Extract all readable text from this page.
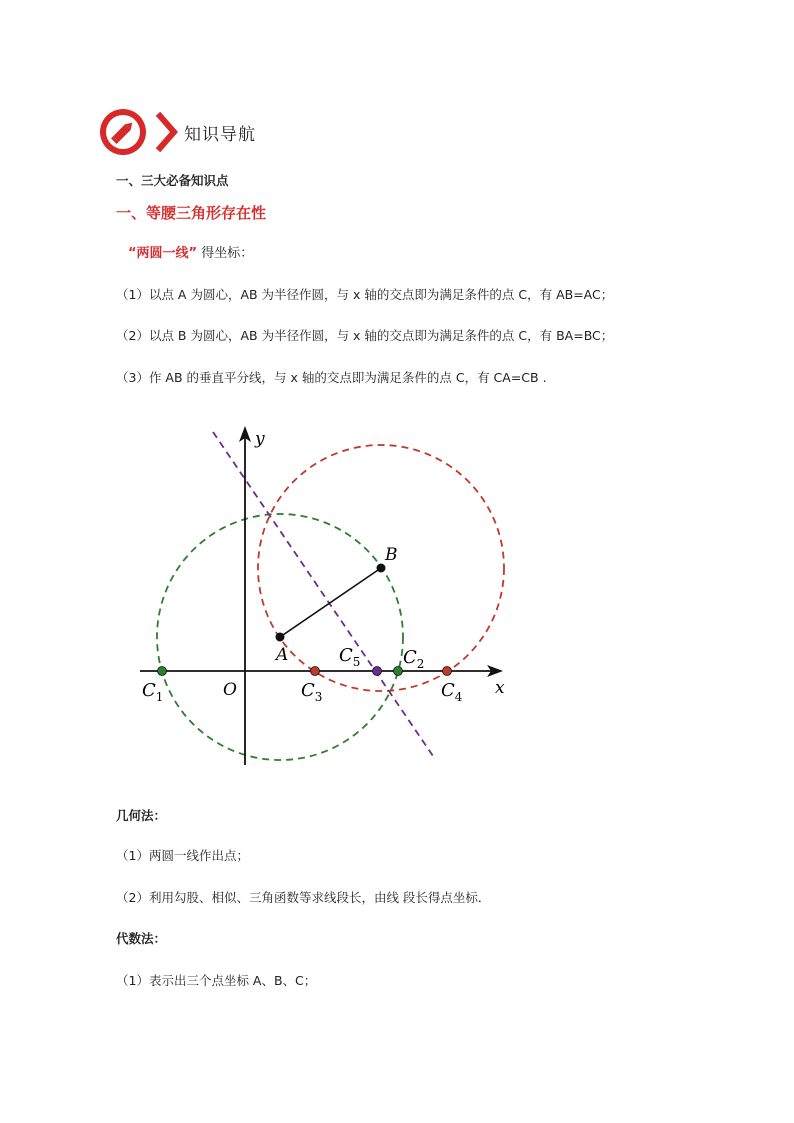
知识导航
一、三大必备知识点
一、等腰三角形存在性
“两圆一线” 得坐标：
（1）以点 A 为圆心，AB 为半径作圆，与 x 轴的交点即为满足条件的点 C，有 AB=AC；
（2）以点 B 为圆心，AB 为半径作圆，与 x 轴的交点即为满足条件的点 C，有 BA=BC；
（3）作 AB 的垂直平分线，与 x 轴的交点即为满足条件的点 C，有 CA=CB .
x
y
O
A
B
$C_1$
$C_2$
$C_3$	$C_4$
$C_5$
几何法：
（1）两圆一线作出点；
（2）利用勾股、相似、三角函数等求线段长，由线 段长得点坐标．
代数法：
（1）表示出三个点坐标 A、B、C；
